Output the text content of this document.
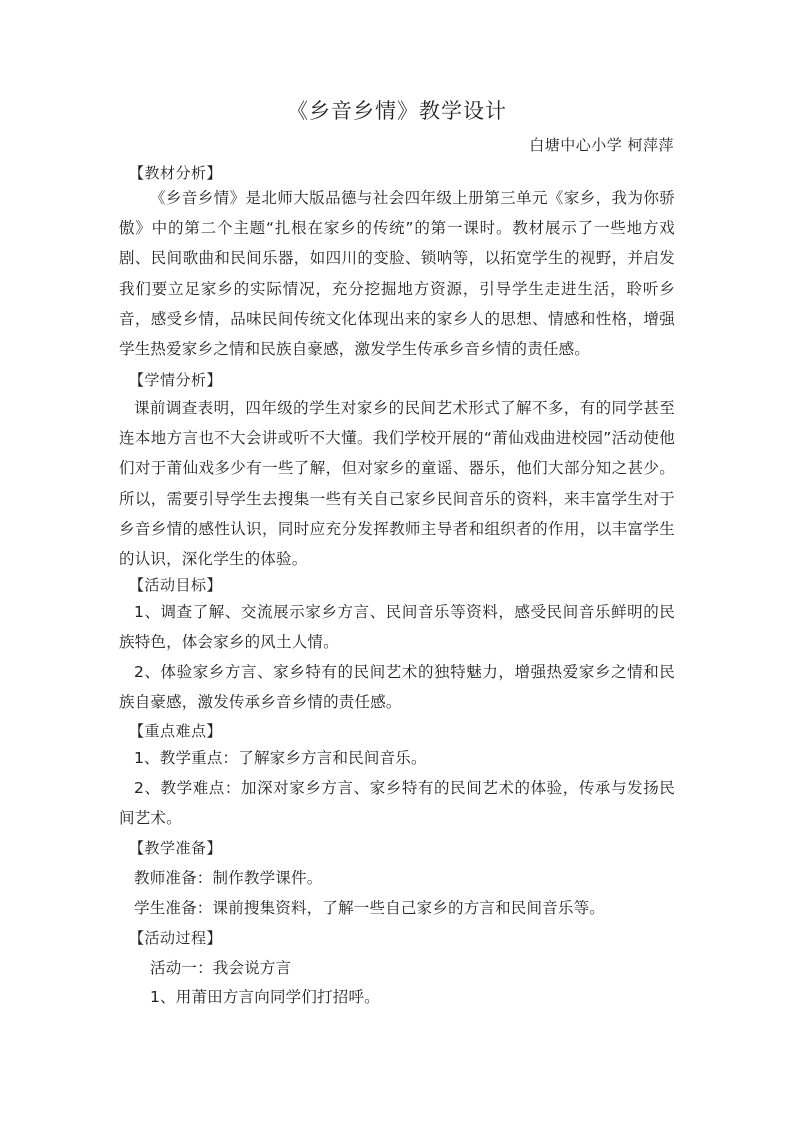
《乡音乡情》教学设计
白塘中心小学 柯萍萍
【教材分析】
《乡音乡情》是北师大版品德与社会四年级上册第三单元《家乡，我为你骄傲》中的第二个主题“扎根在家乡的传统”的第一课时。教材展示了一些地方戏剧、民间歌曲和民间乐器，如四川的变脸、锁呐等，以拓宽学生的视野，并启发我们要立足家乡的实际情况，充分挖掘地方资源，引导学生走进生活，聆听乡音，感受乡情，品味民间传统文化体现出来的家乡人的思想、情感和性格，增强学生热爱家乡之情和民族自豪感，激发学生传承乡音乡情的责任感。
【学情分析】
课前调查表明，四年级的学生对家乡的民间艺术形式了解不多，有的同学甚至连本地方言也不大会讲或听不大懂。我们学校开展的“莆仙戏曲进校园”活动使他们对于莆仙戏多少有一些了解，但对家乡的童谣、器乐，他们大部分知之甚少。所以，需要引导学生去搜集一些有关自己家乡民间音乐的资料，来丰富学生对于乡音乡情的感性认识，同时应充分发挥教师主导者和组织者的作用，以丰富学生的认识，深化学生的体验。
【活动目标】
1、调查了解、交流展示家乡方言、民间音乐等资料，感受民间音乐鲜明的民族特色，体会家乡的风土人情。
2、体验家乡方言、家乡特有的民间艺术的独特魅力，增强热爱家乡之情和民族自豪感，激发传承乡音乡情的责任感。
【重点难点】
1、教学重点：了解家乡方言和民间音乐。
2、教学难点：加深对家乡方言、家乡特有的民间艺术的体验，传承与发扬民间艺术。
【教学准备】
教师准备：制作教学课件。
学生准备：课前搜集资料，了解一些自己家乡的方言和民间音乐等。
【活动过程】
活动一：我会说方言
1、用莆田方言向同学们打招呼。
